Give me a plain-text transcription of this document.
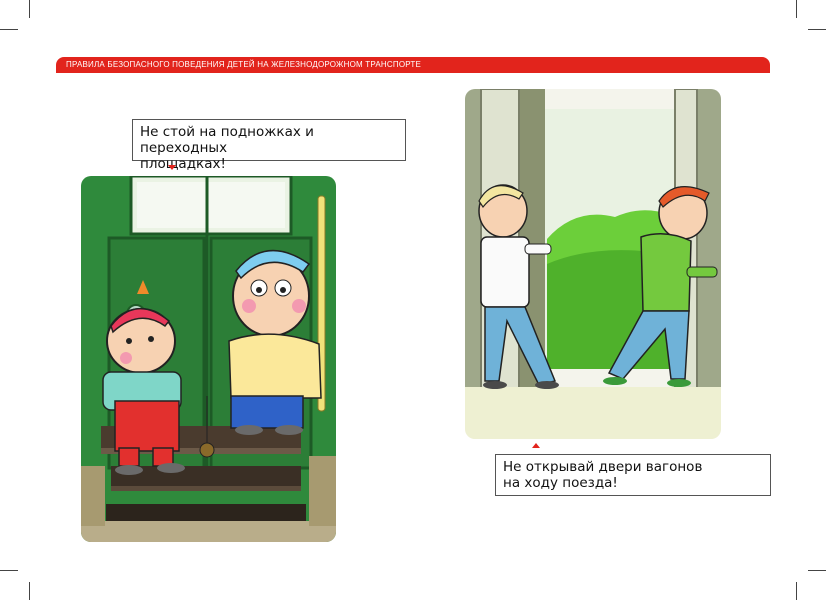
ПРАВИЛА БЕЗОПАСНОГО ПОВЕДЕНИЯ ДЕТЕЙ НА ЖЕЛЕЗНОДОРОЖНОМ ТРАНСПОРТЕ
Не стой на подножках и переходных
площадках!
Не открывай двери вагонов
на ходу поезда!
